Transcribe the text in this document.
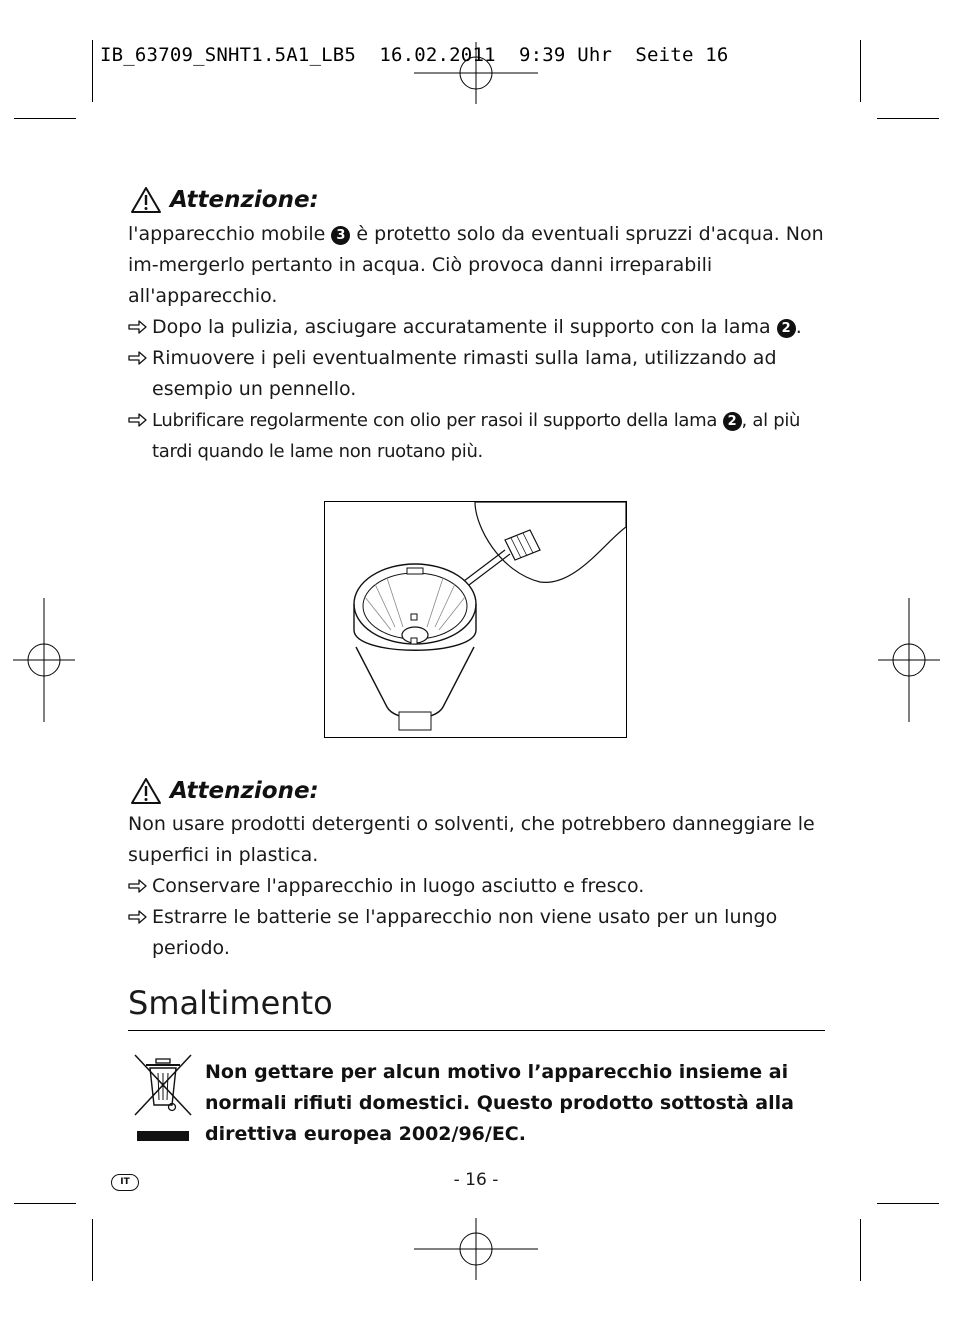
IB_63709_SNHT1.5A1_LB5  16.02.2011  9:39 Uhr  Seite 16
Attenzione:
l'apparecchio mobile 3 è protetto solo da eventuali spruzzi d'acqua. Non im-mergerlo pertanto in acqua. Ciò provoca danni irreparabili all'apparecchio.
Dopo la pulizia, asciugare accuratamente il supporto con la lama 2 .
Rimuovere i peli eventualmente rimasti sulla lama, utilizzando ad esempio un pennello.
Lubrificare regolarmente con olio per rasoi il supporto della lama 2 , al più tardi quando le lame non ruotano più.
Attenzione:
Non usare prodotti detergenti o solventi, che potrebbero danneggiare le superfici in plastica.
Conservare l'apparecchio in luogo asciutto e fresco.
Estrarre le batterie se l'apparecchio non viene usato per un lungo periodo.
Smaltimento
Non gettare per alcun motivo l’apparecchio insieme ai normali rifiuti domestici. Questo prodotto sottostà alla direttiva europea 2002/96/EC.
IT	- 16 -
